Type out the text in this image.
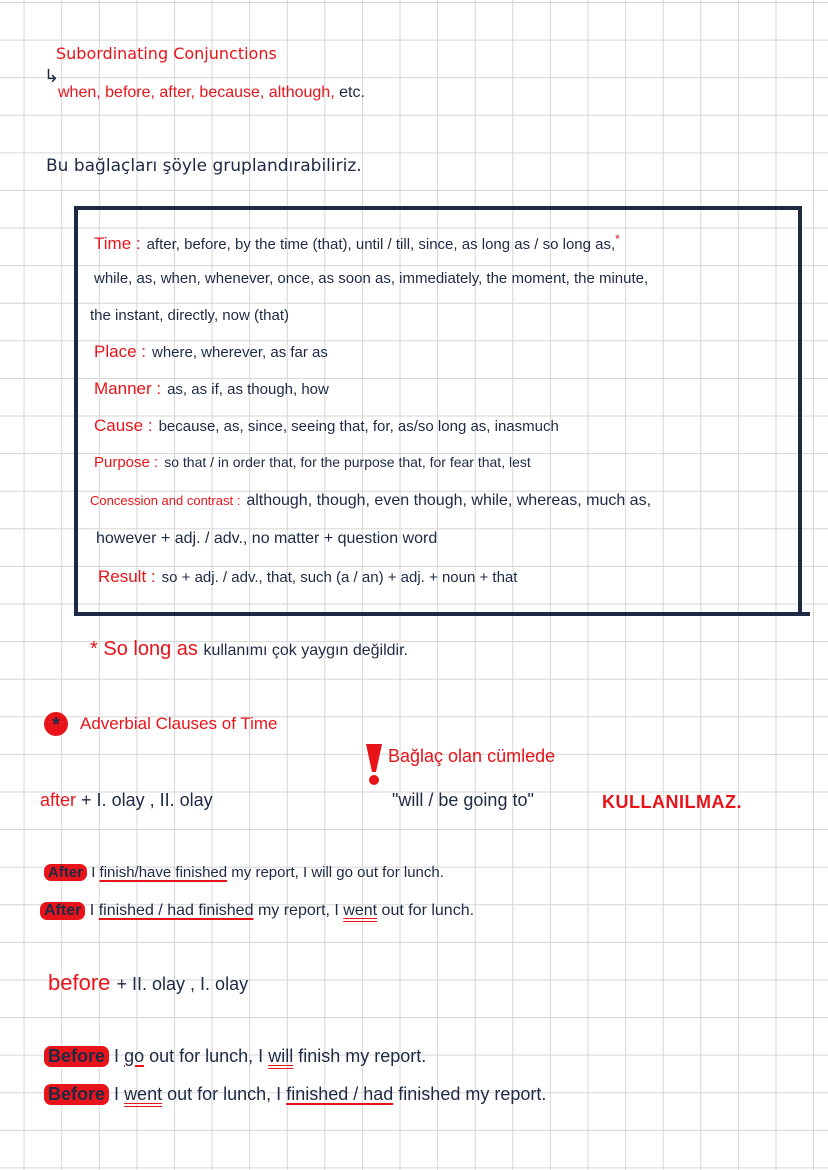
Subordinating Conjunctions
↳
when, before, after, because, although, etc.
Bu bağlaçları şöyle gruplandırabiliriz.
Time : after, before, by the time (that), until / till, since, as long as / so long as,*
while, as, when, whenever, once, as soon as, immediately, the moment, the minute,
the instant, directly, now (that)
Place : where, wherever, as far as
Manner : as, as if, as though, how
Cause : because, as, since, seeing that, for, as/so long as, inasmuch
Purpose : so that / in order that, for the purpose that, for fear that, lest
Concession and contrast : although, though, even though, while, whereas, much as,
however + adj. / adv., no matter + question word
Result : so + adj. / adv., that, such (a / an) + adj. + noun + that
* So long as kullanımı çok yaygın değildir.
*	Adverbial Clauses of Time
Bağlaç olan cümlede
"will / be going to"	KULLANILMAZ.
after + I. olay , II. olay
After I finish/have finished my report, I will go out for lunch.
After I finished / had finished my report, I went out for lunch.
before + II. olay , I. olay
Before I go out for lunch, I will finish my report.
Before I went out for lunch, I finished / had finished my report.
